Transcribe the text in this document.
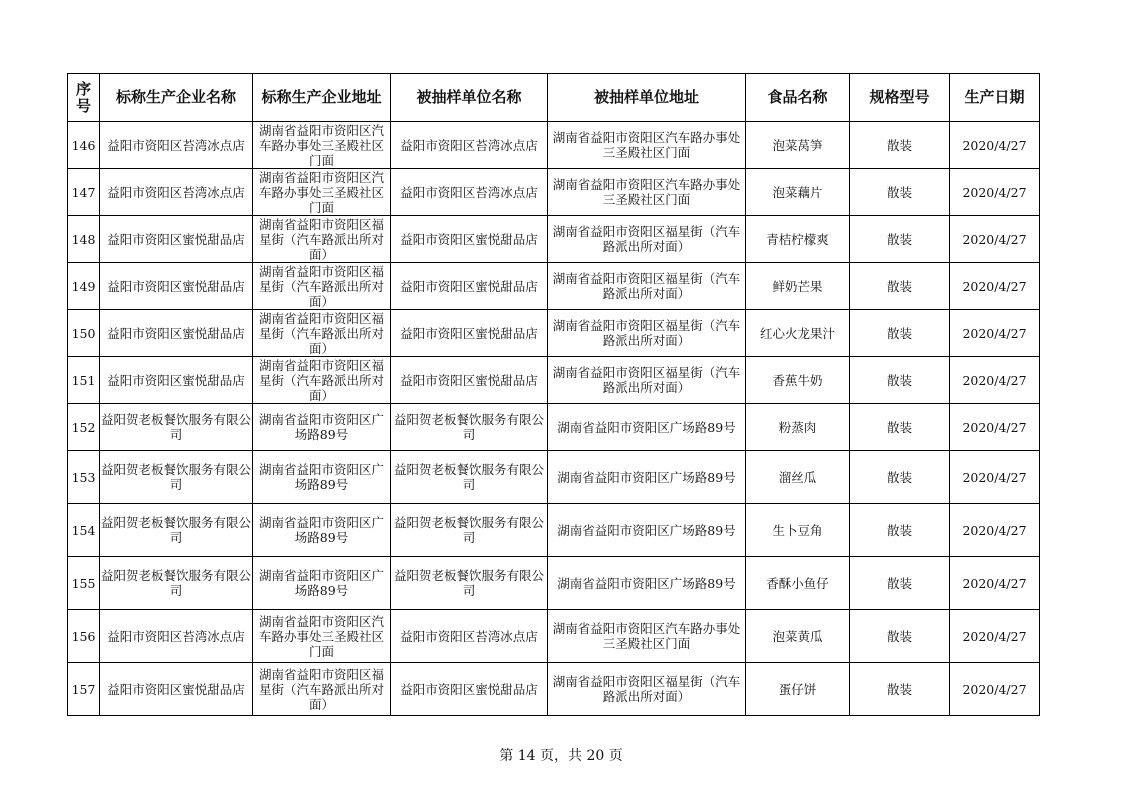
序号	标称生产企业名称	标称生产企业地址	被抽样单位名称	被抽样单位地址	食品名称	规格型号	生产日期
146	益阳市资阳区苔湾冰点店	湖南省益阳市资阳区汽车路办事处三圣殿社区门面	益阳市资阳区苔湾冰点店	湖南省益阳市资阳区汽车路办事处三圣殿社区门面	泡菜莴笋	散装	2020/4/27
147	益阳市资阳区苔湾冰点店	湖南省益阳市资阳区汽车路办事处三圣殿社区门面	益阳市资阳区苔湾冰点店	湖南省益阳市资阳区汽车路办事处三圣殿社区门面	泡菜藕片	散装	2020/4/27
148	益阳市资阳区蜜悦甜品店	湖南省益阳市资阳区福星街（汽车路派出所对面）	益阳市资阳区蜜悦甜品店	湖南省益阳市资阳区福星街（汽车路派出所对面）	青桔柠檬爽	散装	2020/4/27
149	益阳市资阳区蜜悦甜品店	湖南省益阳市资阳区福星街（汽车路派出所对面）	益阳市资阳区蜜悦甜品店	湖南省益阳市资阳区福星街（汽车路派出所对面）	鲜奶芒果	散装	2020/4/27
150	益阳市资阳区蜜悦甜品店	湖南省益阳市资阳区福星街（汽车路派出所对面）	益阳市资阳区蜜悦甜品店	湖南省益阳市资阳区福星街（汽车路派出所对面）	红心火龙果汁	散装	2020/4/27
151	益阳市资阳区蜜悦甜品店	湖南省益阳市资阳区福星街（汽车路派出所对面）	益阳市资阳区蜜悦甜品店	湖南省益阳市资阳区福星街（汽车路派出所对面）	香蕉牛奶	散装	2020/4/27
152	益阳贺老板餐饮服务有限公司	湖南省益阳市资阳区广场路89号	益阳贺老板餐饮服务有限公司	湖南省益阳市资阳区广场路89号	粉蒸肉	散装	2020/4/27
153	益阳贺老板餐饮服务有限公司	湖南省益阳市资阳区广场路89号	益阳贺老板餐饮服务有限公司	湖南省益阳市资阳区广场路89号	溜丝瓜	散装	2020/4/27
154	益阳贺老板餐饮服务有限公司	湖南省益阳市资阳区广场路89号	益阳贺老板餐饮服务有限公司	湖南省益阳市资阳区广场路89号	生卜豆角	散装	2020/4/27
155	益阳贺老板餐饮服务有限公司	湖南省益阳市资阳区广场路89号	益阳贺老板餐饮服务有限公司	湖南省益阳市资阳区广场路89号	香酥小鱼仔	散装	2020/4/27
156	益阳市资阳区苔湾冰点店	湖南省益阳市资阳区汽车路办事处三圣殿社区门面	益阳市资阳区苔湾冰点店	湖南省益阳市资阳区汽车路办事处三圣殿社区门面	泡菜黄瓜	散装	2020/4/27
157	益阳市资阳区蜜悦甜品店	湖南省益阳市资阳区福星街（汽车路派出所对面）	益阳市资阳区蜜悦甜品店	湖南省益阳市资阳区福星街（汽车路派出所对面）	蛋仔饼	散装	2020/4/27
第 14 页，共 20 页
